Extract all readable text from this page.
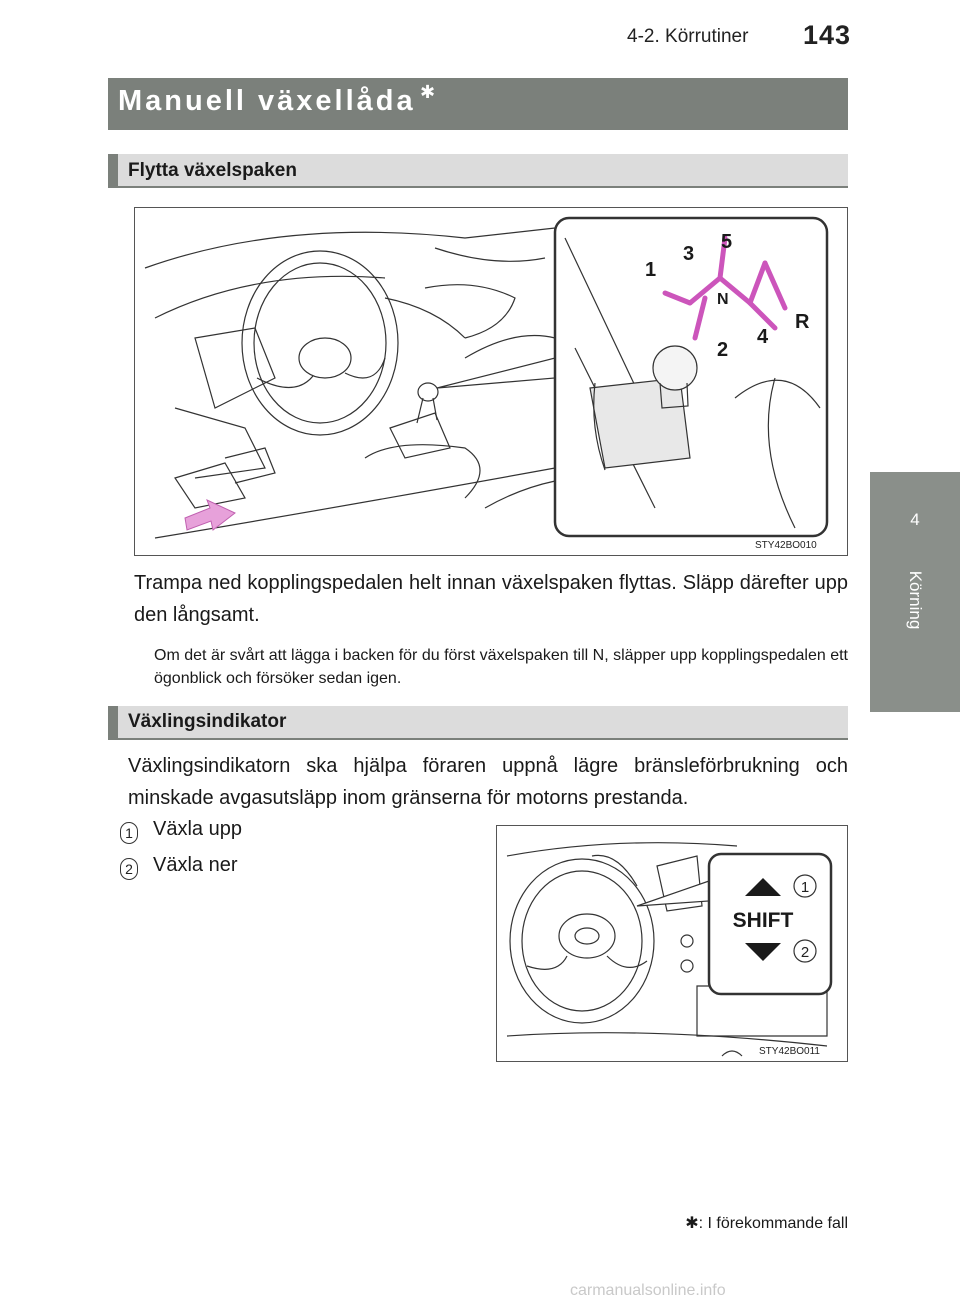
4-2. Körrutiner 143
4
Körning
Manuell växellåda ✱
Flytta växelspaken
1
2
3
4
5
R
N
STY42BO010
Trampa ned kopplingspedalen helt innan växelspaken flyttas. Släpp därefter upp den långsamt.
Om det är svårt att lägga i backen för du först växelspaken till N, släpper upp kopplingspedalen ett ögonblick och försöker sedan igen.
Växlingsindikator
Växlingsindikatorn ska hjälpa föraren uppnå lägre bränsleförbrukning och minskade avgasutsläpp inom gränserna för motorns prestanda.
1 Växla upp
2 Växla ner
SHIFT
1
2
STY42BO011
✱: I förekommande fall
carmanualsonline.info
